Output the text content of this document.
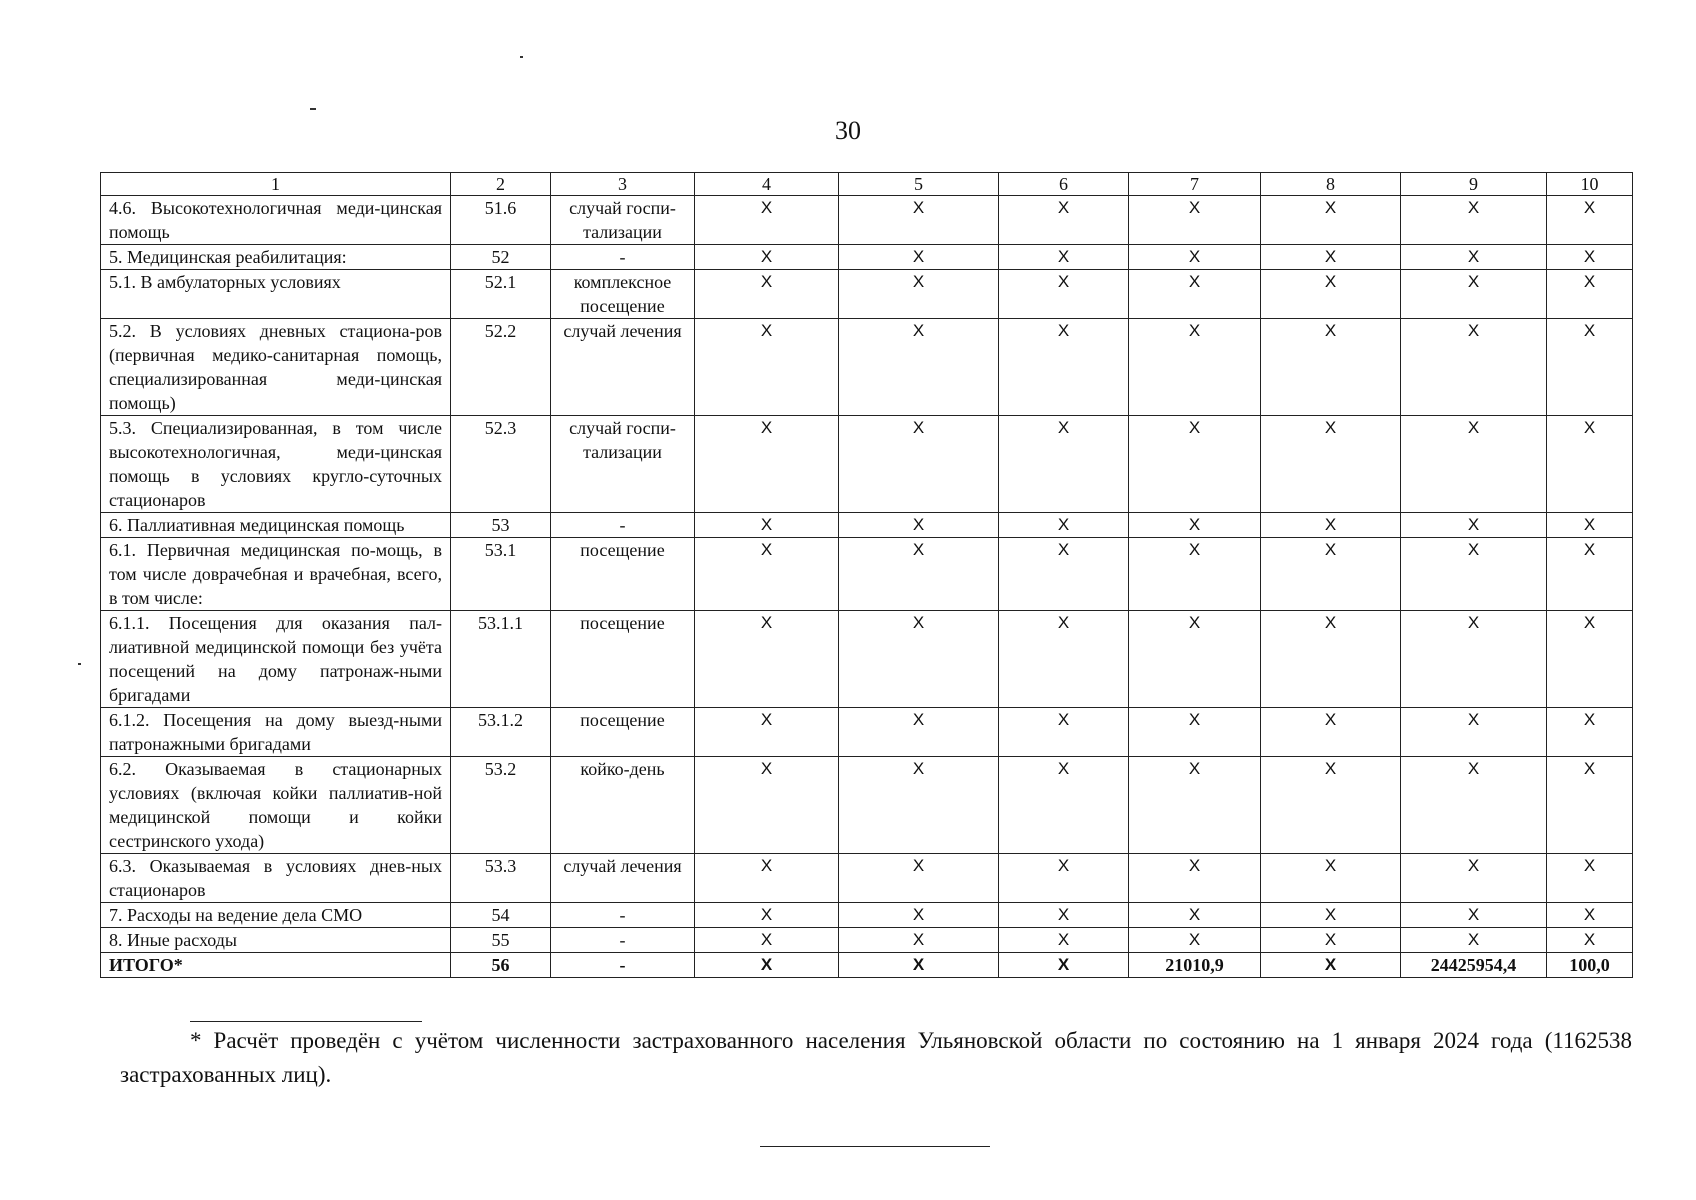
30
1	2	3	4	5	6	7	8	9	10
4.6. Высокотехнологичная меди-цинская помощь	51.6	случай госпи-тализации	X	X	X	X	X	X	X
5. Медицинская реабилитация:	52	-	X	X	X	X	X	X	X
5.1. В амбулаторных условиях	52.1	комплексное посещение	X	X	X	X	X	X	X
5.2. В условиях дневных стациона-ров (первичная медико-санитарная помощь, специализированная меди-цинская помощь)	52.2	случай лечения	X	X	X	X	X	X	X
5.3. Специализированная, в том числе высокотехнологичная, меди-цинская помощь в условиях кругло-суточных стационаров	52.3	случай госпи-тализации	X	X	X	X	X	X	X
6. Паллиативная медицинская помощь	53	-	X	X	X	X	X	X	X
6.1. Первичная медицинская по-мощь, в том числе доврачебная и врачебная, всего, в том числе:	53.1	посещение	X	X	X	X	X	X	X
6.1.1. Посещения для оказания пал-лиативной медицинской помощи без учёта посещений на дому патронаж-ными бригадами	53.1.1	посещение	X	X	X	X	X	X	X
6.1.2. Посещения на дому выезд-ными патронажными бригадами	53.1.2	посещение	X	X	X	X	X	X	X
6.2. Оказываемая в стационарных условиях (включая койки паллиатив-ной медицинской помощи и койки сестринского ухода)	53.2	койко-день	X	X	X	X	X	X	X
6.3. Оказываемая в условиях днев-ных стационаров	53.3	случай лечения	X	X	X	X	X	X	X
7. Расходы на ведение дела СМО	54	-	X	X	X	X	X	X	X
8. Иные расходы	55	-	X	X	X	X	X	X	X
ИТОГО*	56	-	X	X	X	21010,9	X	24425954,4	100,0
* Расчёт проведён с учётом численности застрахованного населения Ульяновской области по состоянию на 1 января 2024 года (1162538 застрахованных лиц).
